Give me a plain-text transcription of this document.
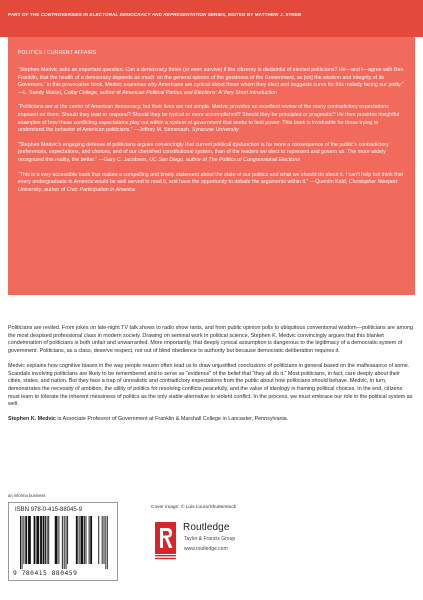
PART OF THE CONTROVERSIES IN ELECTORAL DEMOCRACY AND REPRESENTATION SERIES, EDITED BY MATTHEW J. STREB
POLITICS / CURRENT AFFAIRS

“Stephen Medvic asks an important question: Can a democracy thrive (or even survive) if the citizenry is disdainful of elected politicians? He—and I—agree with Ben Franklin, that the health of a democracy depends as much ‘on the general opinion of the goodness of the Government, as [on] the wisdom and integrity of its Governors.’ In this provocative book, Medvic examines why Americans are cynical about those whom they elect and suggests cures for this malady facing our polity.” —L. Sandy Maisel, Colby College, author of American Political Parties and Elections: A Very Short Introduction

“Politicians are at the center of American democracy, but their lives are not simple. Medvic provides an excellent review of the many contradictory expectations imposed on them. Should they lead or respond? Should they be typical or more accomplished? Should they be principled or pragmatic? He then provides insightful examples of how these conflicting expectations play out within a system of government that seeks to limit power. This book is invaluable for those trying to understand the behavior of American politicians.” —Jeffrey M. Stonecash, Syracuse University

“Stephen Medvic’s engaging defense of politicians argues convincingly that current political dysfunction is far more a consequence of the public’s contradictory preferences, expectations, and choices, and of our cherished constitutional system, than of the leaders we elect to represent and govern us. The more widely recognized this reality, the better.” —Gary C. Jacobson, UC San Diego, author of The Politics of Congressional Elections

“This is a very accessible book that makes a compelling and timely statement about the state of our politics and what we should do about it. I can’t help but think that every undergraduate in America would be well served to read it, and have the opportunity to debate the arguments within it.” —Quentin Kidd, Christopher Newport University, author of Civic Participation in America

Politicians are reviled. From jokes on late-night TV talk shows to radio show rants, and from public opinion polls to ubiquitous conventional wisdom—politicians are among the most despised professional class in modern society. Drawing on seminal work in political science, Stephen K. Medvic convincingly argues that this blanket condemnation of politicians is both unfair and unwarranted. More importantly, that deeply cynical assumption is dangerous to the legitimacy of a democratic system of government. Politicians, as a class, deserve respect, not out of blind obedience to authority but because democratic deliberation requires it.

Medvic explains how cognitive biases in the way people reason often lead us to draw unjustified conclusions of politicians in general based on the malfeasance of some. Scandals involving politicians are likely to be remembered and to serve as “evidence” of the belief that “they all do it.” Most politicians, in fact, care deeply about their cities, states, and nation. But they face a trap of unrealistic and contradictory expectations from the public about how politicians should behave. Medvic, in turn, demonstrates the necessity of ambition, the utility of politics for resolving conflicts peacefully, and the value of ideology in framing political choices. In the end, citizens must learn to tolerate the inherent messiness of politics as the only viable alternative to violent conflict. In the process, we must embrace our role in the political system as well.

Stephen K. Medvic is Associate Professor of Government at Franklin & Marshall College in Lancaster, Pennsylvania.

an informa business
ISBN 978-0-415-88045-9
9 780415 880459
Cover image: © Luis Louro/Shutterstock
Routledge
Taylor & Francis Group
www.routledge.com
